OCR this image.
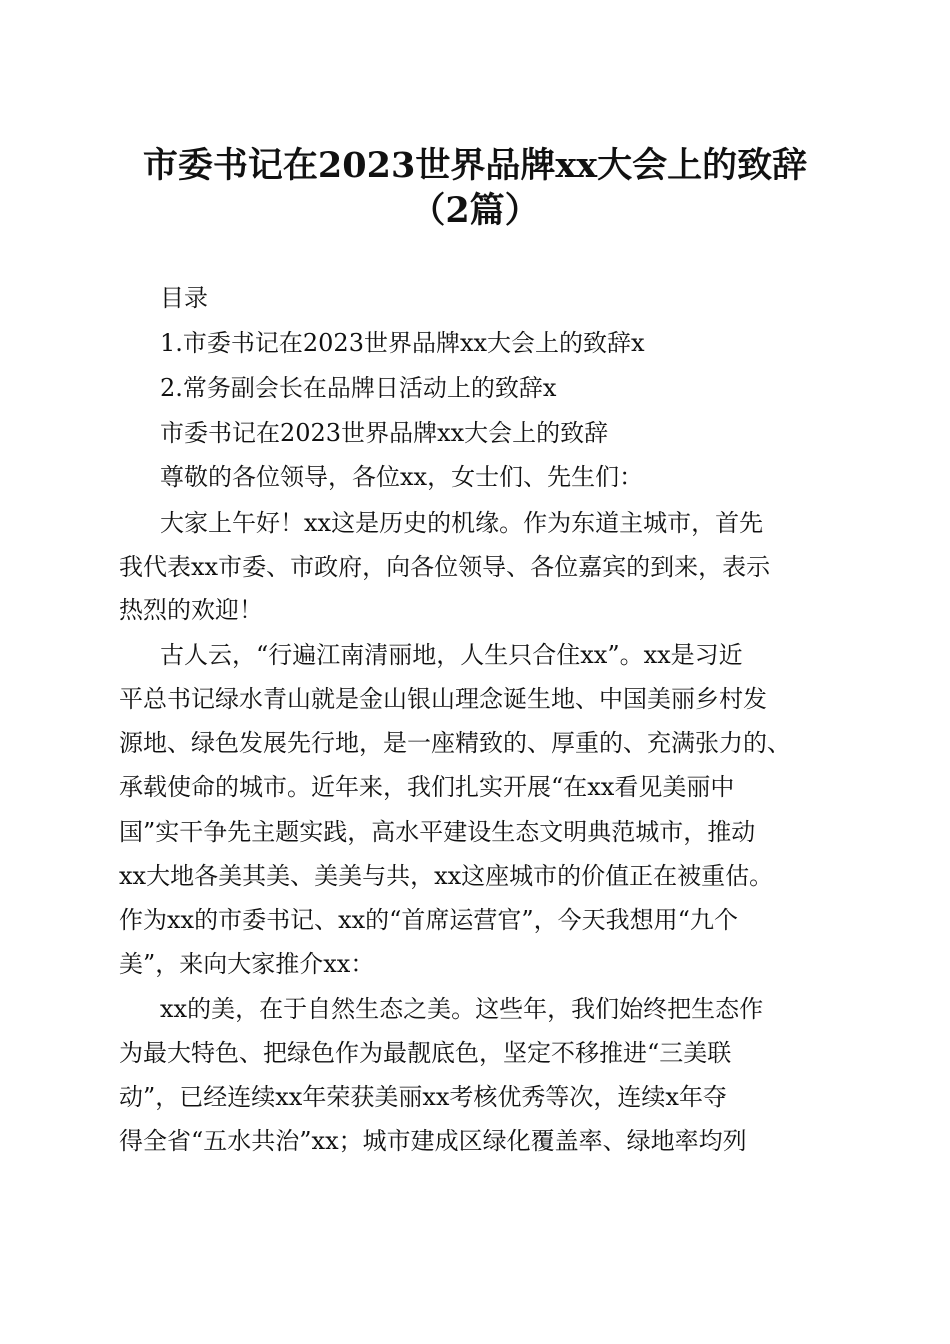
市委书记在2023世界品牌xx大会上的致辞
（2篇）
目录
1.市委书记在2023世界品牌xx大会上的致辞x
2.常务副会长在品牌日活动上的致辞x
市委书记在2023世界品牌xx大会上的致辞
尊敬的各位领导，各位xx，女士们、先生们：
大家上午好！xx这是历史的机缘。作为东道主城市，首先
我代表xx市委、市政府，向各位领导、各位嘉宾的到来，表示
热烈的欢迎！
古人云，“行遍江南清丽地，人生只合住xx”。xx是习近
平总书记绿水青山就是金山银山理念诞生地、中国美丽乡村发
源地、绿色发展先行地，是一座精致的、厚重的、充满张力的、
承载使命的城市。近年来，我们扎实开展“在xx看见美丽中
国”实干争先主题实践，高水平建设生态文明典范城市，推动
xx大地各美其美、美美与共，xx这座城市的价值正在被重估。
作为xx的市委书记、xx的“首席运营官”，今天我想用“九个
美”，来向大家推介xx：
xx的美，在于自然生态之美。这些年，我们始终把生态作
为最大特色、把绿色作为最靓底色，坚定不移推进“三美联
动”，已经连续xx年荣获美丽xx考核优秀等次，连续x年夺
得全省“五水共治”xx；城市建成区绿化覆盖率、绿地率均列
